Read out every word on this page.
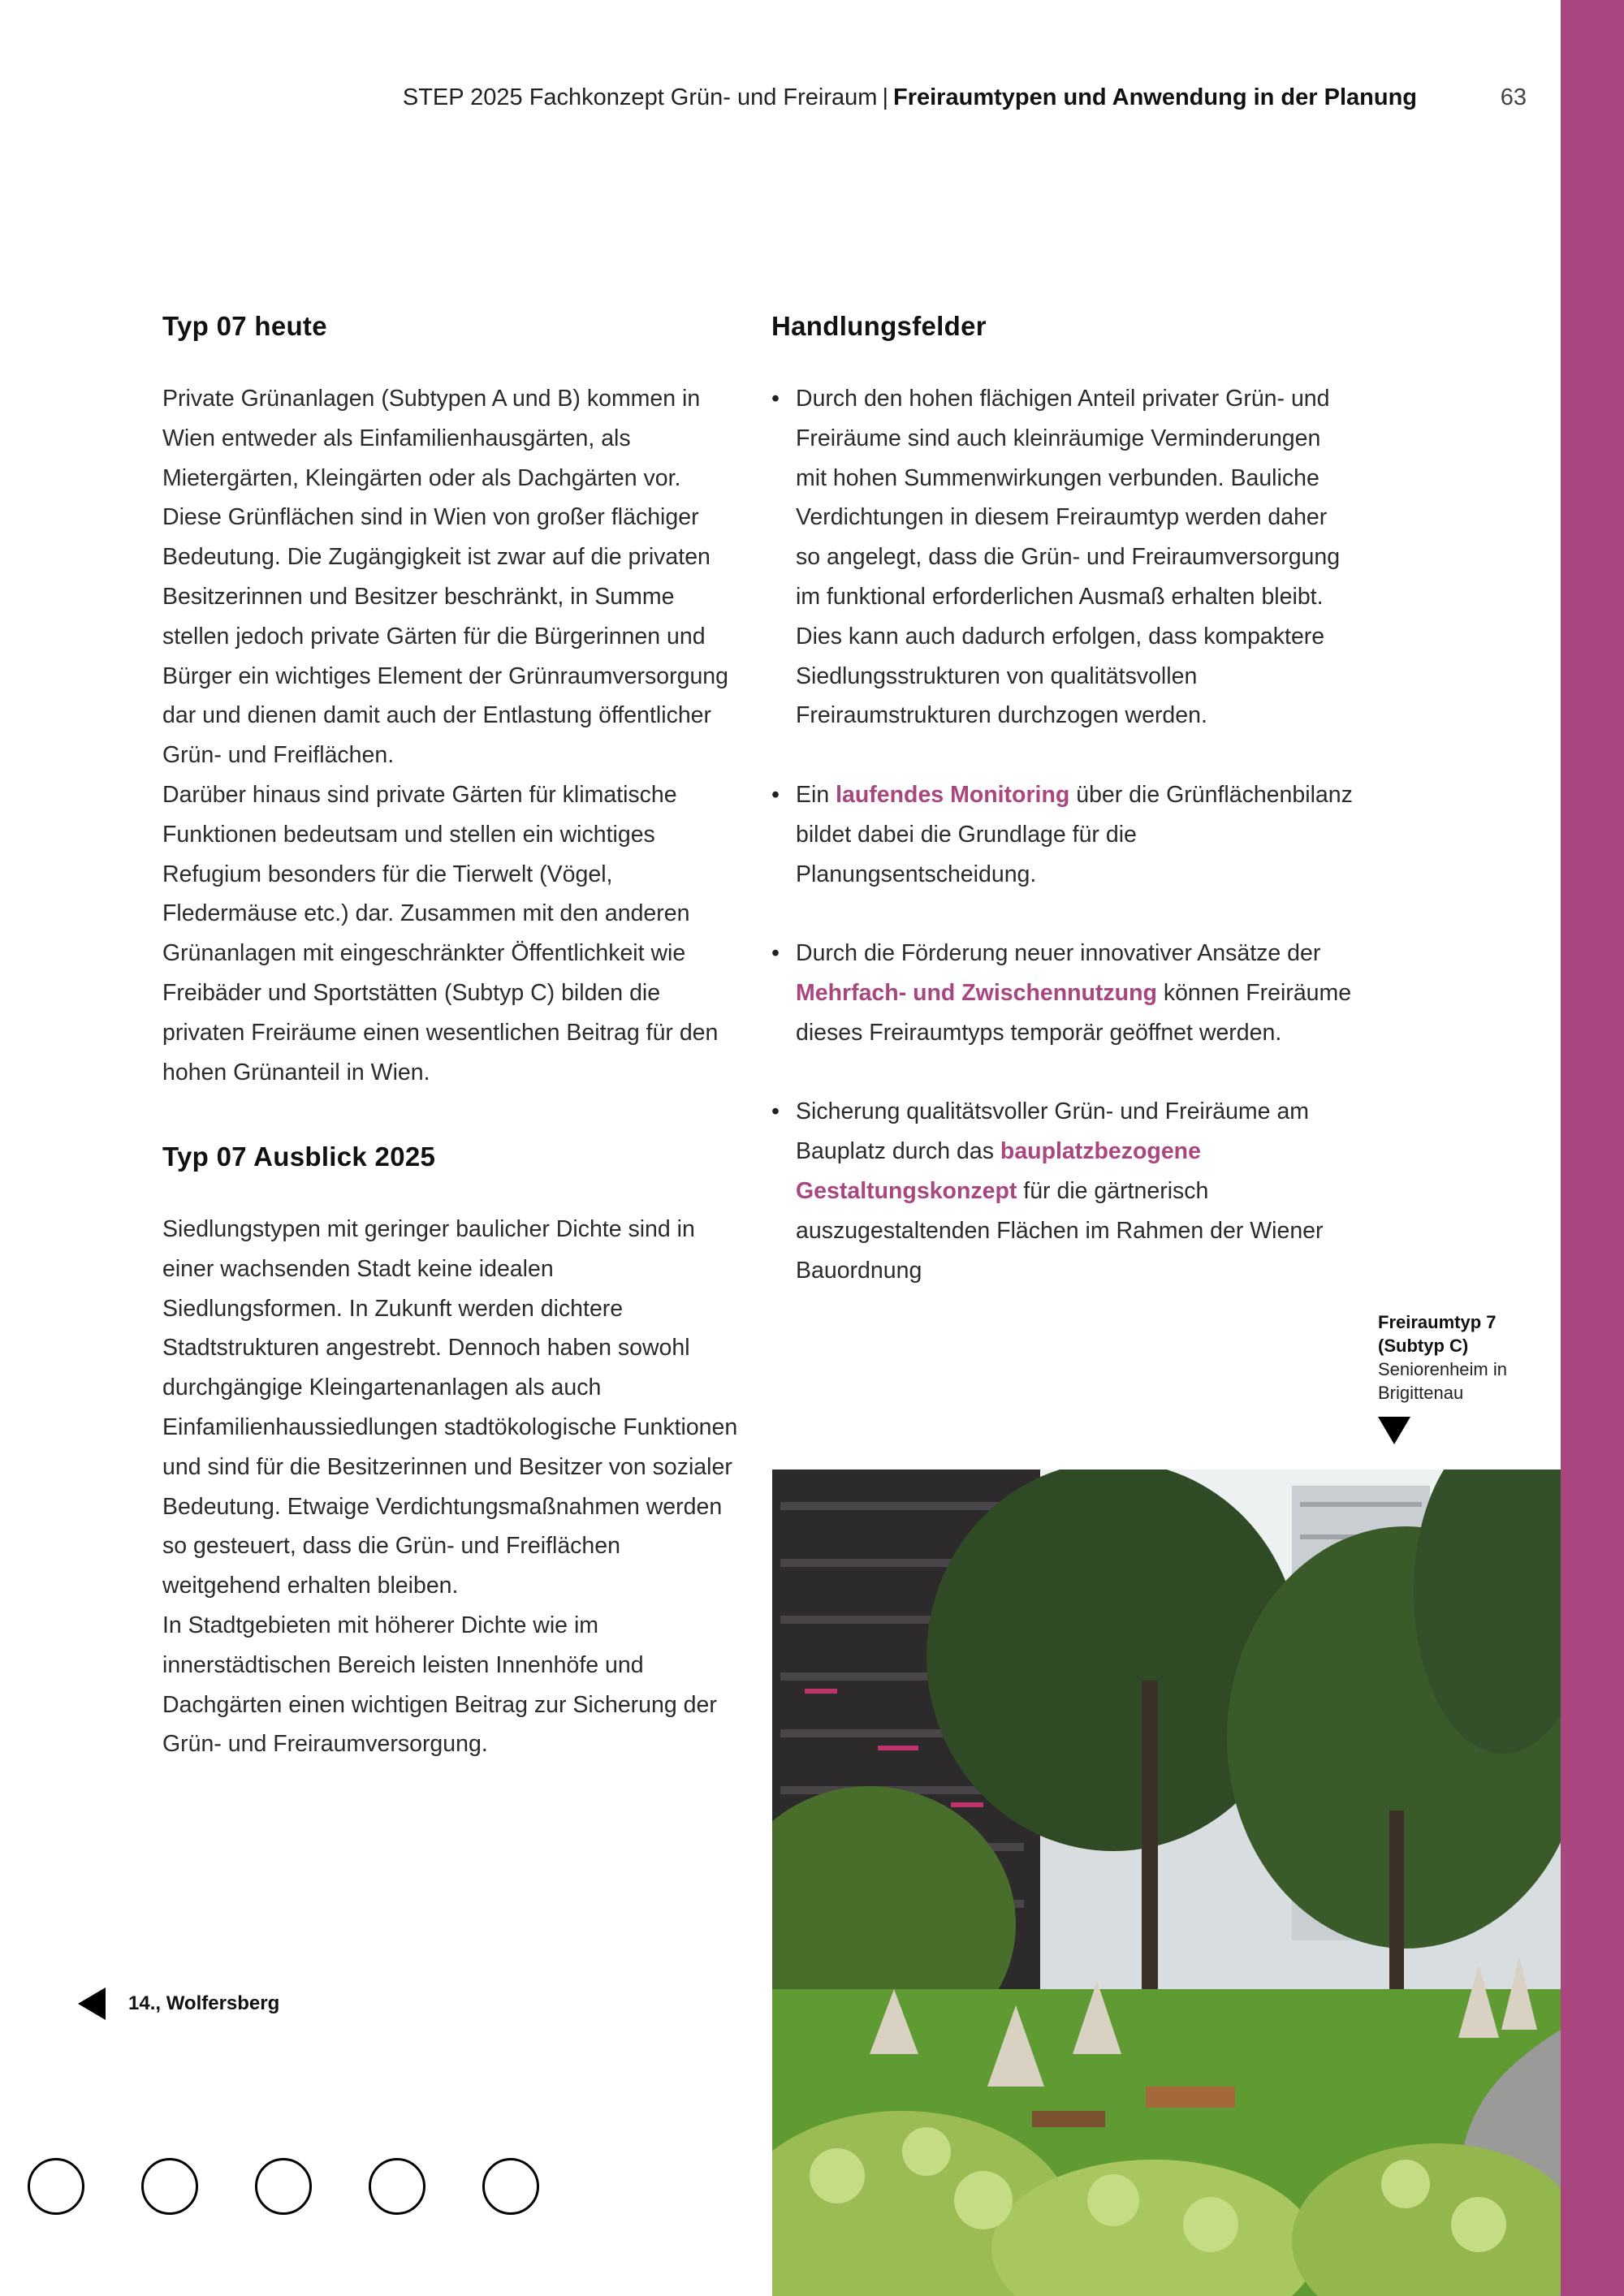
STEP 2025 Fachkonzept Grün- und Freiraum | Freiraumtypen und Anwendung in der Planung	63
Typ 07 heute

Private Grünanlagen (Subtypen A und B) kommen in Wien entweder als Einfamilienhausgärten, als Mietergärten, Kleingärten oder als Dachgärten vor. Diese Grünflächen sind in Wien von großer flächiger Bedeutung. Die Zugängigkeit ist zwar auf die privaten Besitzerinnen und Besitzer beschränkt, in Summe stellen jedoch private Gärten für die Bürgerinnen und Bürger ein wichtiges Element der Grünraumversorgung dar und dienen damit auch der Entlastung öffentlicher Grün- und Freiflächen.

Darüber hinaus sind private Gärten für klimatische Funktionen bedeutsam und stellen ein wichtiges Refugium besonders für die Tierwelt (Vögel, Fledermäuse etc.) dar. Zusammen mit den anderen Grünanlagen mit eingeschränkter Öffentlichkeit wie Freibäder und Sportstätten (Subtyp C) bilden die privaten Freiräume einen wesentlichen Beitrag für den hohen Grünanteil in Wien.

Typ 07 Ausblick 2025

Siedlungstypen mit geringer baulicher Dichte sind in einer wachsenden Stadt keine idealen Siedlungsformen. In Zukunft werden dichtere Stadtstrukturen angestrebt. Dennoch haben sowohl durchgängige Kleingartenanlagen als auch Einfamilienhaussiedlungen stadtökologische Funktionen und sind für die Besitzerinnen und Besitzer von sozialer Bedeutung. Etwaige Verdichtungsmaßnahmen werden so gesteuert, dass die Grün- und Freiflächen weitgehend erhalten bleiben.

In Stadtgebieten mit höherer Dichte wie im innerstädtischen Bereich leisten Innenhöfe und Dachgärten einen wichtigen Beitrag zur Sicherung der Grün- und Freiraumversorgung.

Handlungsfelder
• Durch den hohen flächigen Anteil privater Grün- und Freiräume sind auch kleinräumige Verminderungen mit hohen Summenwirkungen verbunden. Bauliche Verdichtungen in diesem Freiraumtyp werden daher so angelegt, dass die Grün- und Freiraumversorgung im funktional erforderlichen Ausmaß erhalten bleibt. Dies kann auch dadurch erfolgen, dass kompaktere Siedlungsstrukturen von qualitätsvollen Freiraumstrukturen durchzogen werden.
• Ein laufendes Monitoring über die Grünflächenbilanz bildet dabei die Grundlage für die Planungsentscheidung.
• Durch die Förderung neuer innovativer Ansätze der Mehrfach- und Zwischennutzung können Freiräume dieses Freiraumtyps temporär geöffnet werden.
• Sicherung qualitätsvoller Grün- und Freiräume am Bauplatz durch das bauplatzbezogene Gestaltungskonzept für die gärtnerisch auszugestaltenden Flächen im Rahmen der Wiener Bauordnung
Freiraumtyp 7 (Subtyp C)
Seniorenheim in Brigittenau
14., Wolfersberg
